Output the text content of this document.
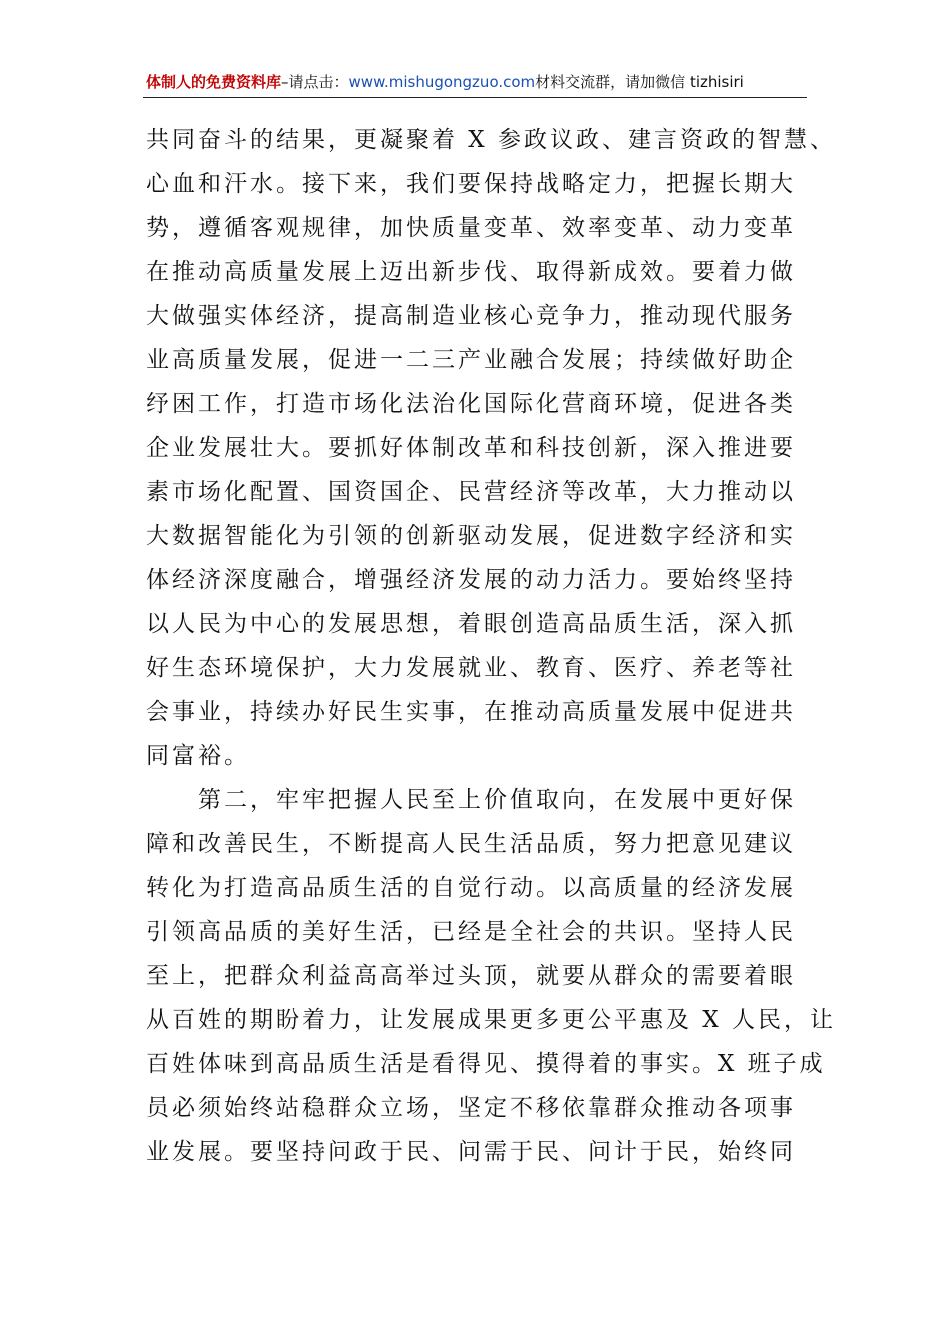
体制人的免费资料库–请点击：www.mishugongzuo.com材料交流群，请加微信 tizhisiri
共同奋斗的结果，更凝聚着 X 参政议政、建言资政的智慧、
心血和汗水。接下来，我们要保持战略定力，把握长期大
势，遵循客观规律，加快质量变革、效率变革、动力变革
在推动高质量发展上迈出新步伐、取得新成效。要着力做
大做强实体经济，提高制造业核心竞争力，推动现代服务
业高质量发展，促进一二三产业融合发展；持续做好助企
纾困工作，打造市场化法治化国际化营商环境，促进各类
企业发展壮大。要抓好体制改革和科技创新，深入推进要
素市场化配置、国资国企、民营经济等改革，大力推动以
大数据智能化为引领的创新驱动发展，促进数字经济和实
体经济深度融合，增强经济发展的动力活力。要始终坚持
以人民为中心的发展思想，着眼创造高品质生活，深入抓
好生态环境保护，大力发展就业、教育、医疗、养老等社
会事业，持续办好民生实事，在推动高质量发展中促进共
同富裕。
　　第二，牢牢把握人民至上价值取向，在发展中更好保
障和改善民生，不断提高人民生活品质，努力把意见建议
转化为打造高品质生活的自觉行动。以高质量的经济发展
引领高品质的美好生活，已经是全社会的共识。坚持人民
至上，把群众利益高高举过头顶，就要从群众的需要着眼
从百姓的期盼着力，让发展成果更多更公平惠及 X 人民，让
百姓体味到高品质生活是看得见、摸得着的事实。X 班子成
员必须始终站稳群众立场，坚定不移依靠群众推动各项事
业发展。要坚持问政于民、问需于民、问计于民，始终同
